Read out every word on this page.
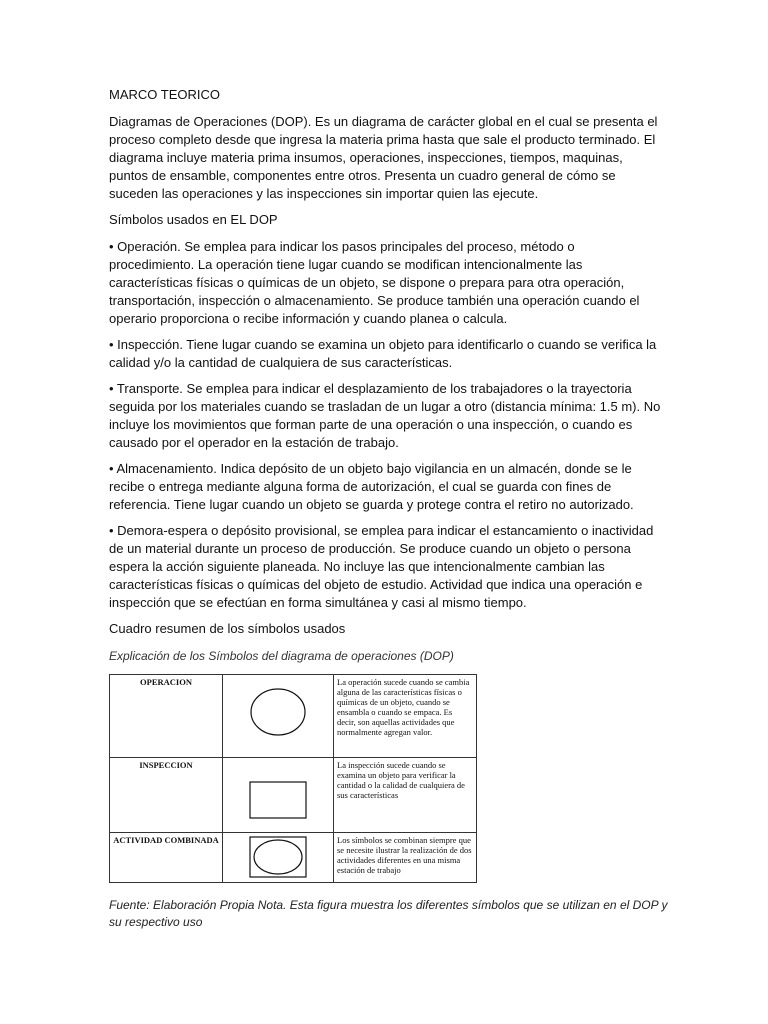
MARCO TEORICO

Diagramas de Operaciones (DOP). Es un diagrama de carácter global en el cual se presenta el proceso completo desde que ingresa la materia prima hasta que sale el producto terminado. El diagrama incluye materia prima insumos, operaciones, inspecciones, tiempos, maquinas, puntos de ensamble, componentes entre otros. Presenta un cuadro general de cómo se suceden las operaciones y las inspecciones sin importar quien las ejecute.

Símbolos usados en EL DOP

• Operación. Se emplea para indicar los pasos principales del proceso, método o procedimiento. La operación tiene lugar cuando se modifican intencionalmente las características físicas o químicas de un objeto, se dispone o prepara para otra operación, transportación, inspección o almacenamiento. Se produce también una operación cuando el operario proporciona o recibe información y cuando planea o calcula.

• Inspección. Tiene lugar cuando se examina un objeto para identificarlo o cuando se verifica la calidad y/o la cantidad de cualquiera de sus características.

• Transporte. Se emplea para indicar el desplazamiento de los trabajadores o la trayectoria seguida por los materiales cuando se trasladan de un lugar a otro (distancia mínima: 1.5 m). No incluye los movimientos que forman parte de una operación o una inspección, o cuando es causado por el operador en la estación de trabajo.

• Almacenamiento. Indica depósito de un objeto bajo vigilancia en un almacén, donde se le recibe o entrega mediante alguna forma de autorización, el cual se guarda con fines de referencia. Tiene lugar cuando un objeto se guarda y protege contra el retiro no autorizado.

• Demora-espera o depósito provisional, se emplea para indicar el estancamiento o inactividad de un material durante un proceso de producción. Se produce cuando un objeto o persona espera la acción siguiente planeada. No incluye las que intencionalmente cambian las características físicas o químicas del objeto de estudio. Actividad que indica una operación e inspección que se efectúan en forma simultánea y casi al mismo tiempo.

Cuadro resumen de los símbolos usados

Explicación de los Símbolos del diagrama de operaciones (DOP)

OPERACION		La operación sucede cuando se cambia alguna de las características físicas o químicas de un objeto, cuando se ensambla o cuando se empaca. Es decir, son aquellas actividades que normalmente agregan valor.
INSPECCION		La inspección sucede cuando se examina un objeto para verificar la cantidad o la calidad de cualquiera de sus características
ACTIVIDAD COMBINADA		Los símbolos se combinan siempre que se necesite ilustrar la realización de dos actividades diferentes en una misma estación de trabajo

Fuente: Elaboración Propia Nota. Esta figura muestra los diferentes símbolos que se utilizan en el DOP y su respectivo uso
